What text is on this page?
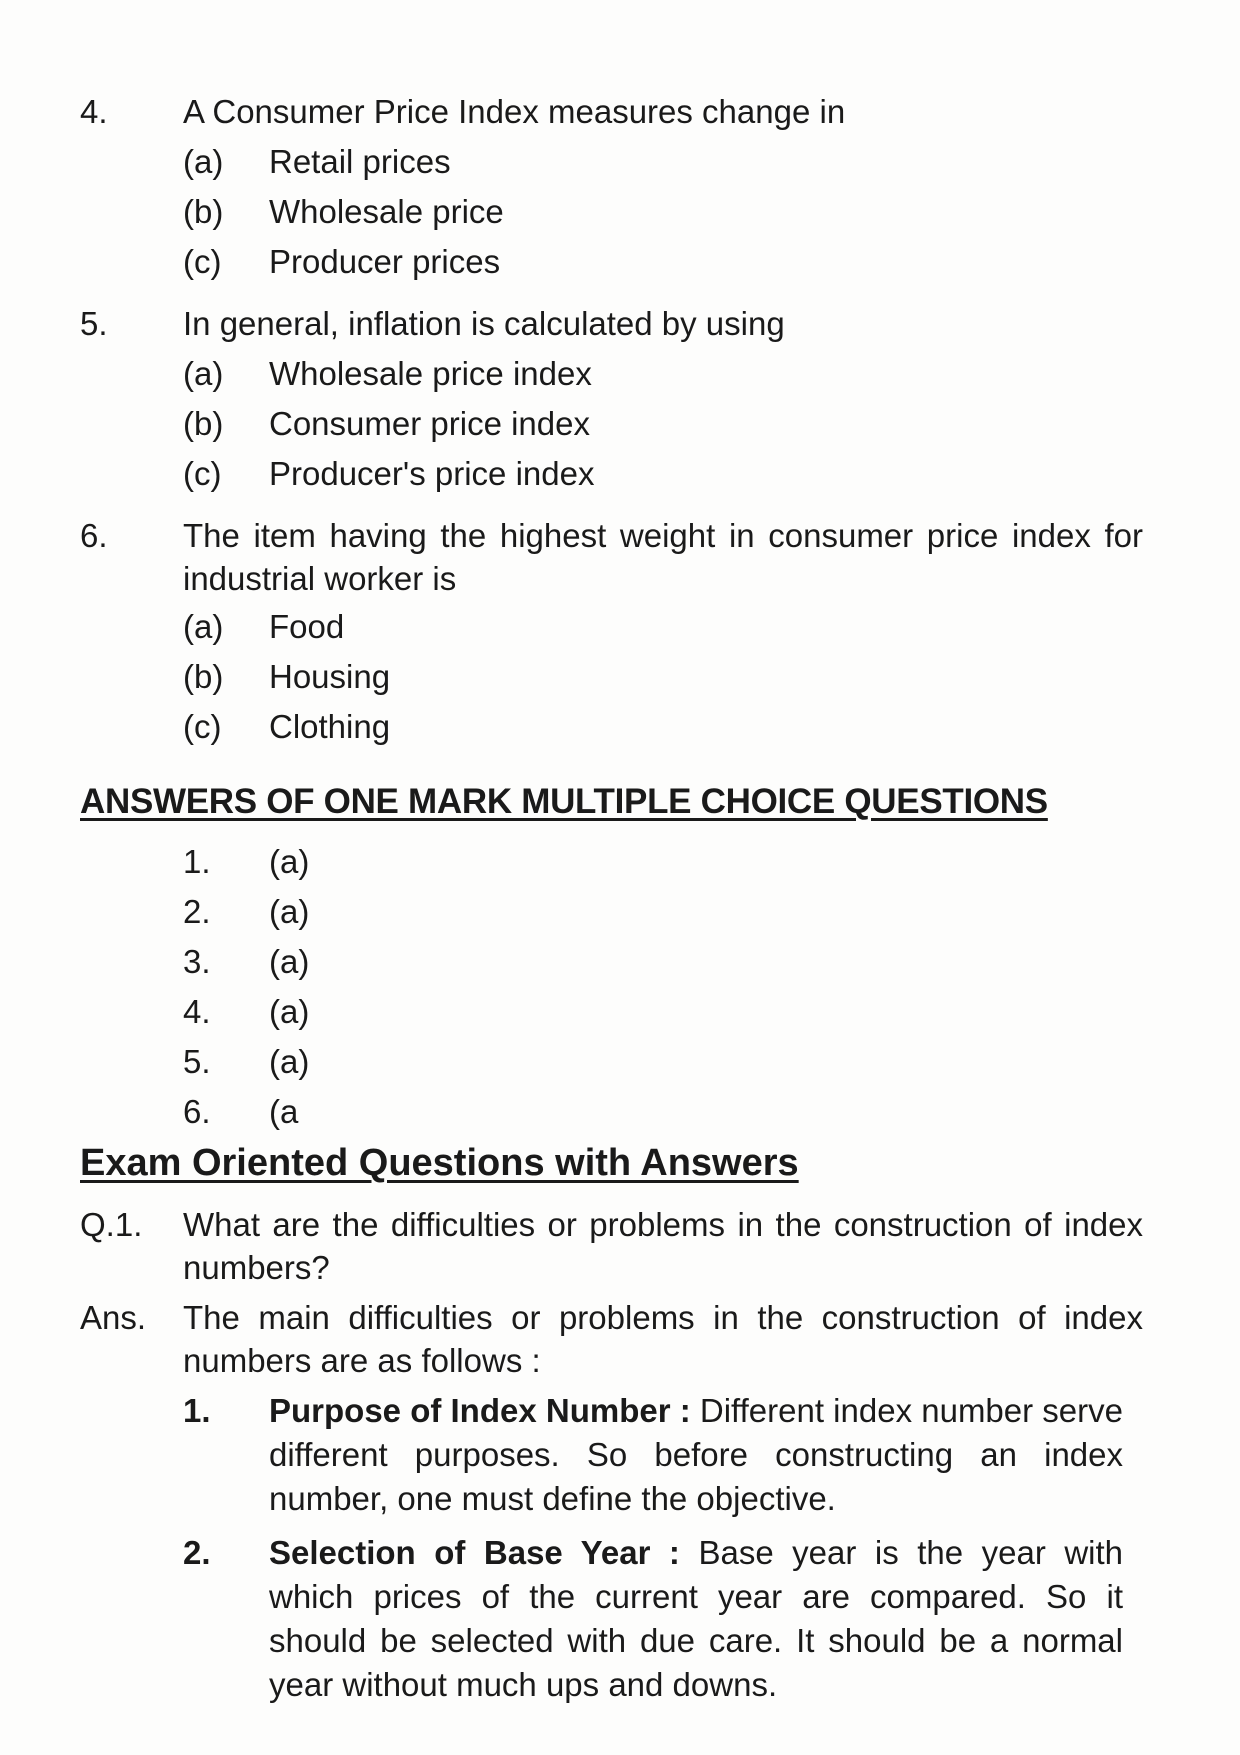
4. A Consumer Price Index measures change in
(a) Retail prices
(b) Wholesale price
(c) Producer prices
5. In general, inflation is calculated by using
(a) Wholesale price index
(b) Consumer price index
(c) Producer's price index
6. The item having the highest weight in consumer price index for industrial worker is
(a) Food
(b) Housing
(c) Clothing
ANSWERS OF ONE MARK MULTIPLE CHOICE QUESTIONS
1. (a)
2. (a)
3. (a)
4. (a)
5. (a)
6. (a
Exam Oriented Questions with Answers
Q.1. What are the difficulties or problems in the construction of index numbers?
Ans. The main difficulties or problems in the construction of index numbers are as follows :
1. Purpose of Index Number : Different index number serve different purposes. So before constructing an index number, one must define the objective.
2. Selection of Base Year : Base year is the year with which prices of the current year are compared. So it should be selected with due care. It should be a normal year without much ups and downs.
